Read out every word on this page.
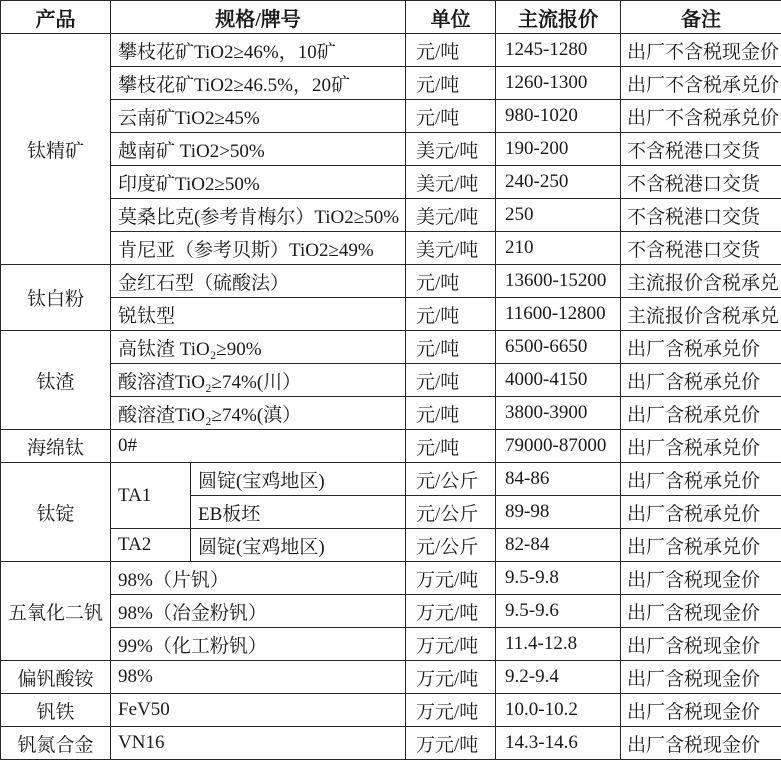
产品	规格/牌号		单位	主流报价	备注
钛精矿	攀枝花矿TiO2≥46%，10矿		元/吨	1245-1280	出厂不含税现金价
	攀枝花矿TiO2≥46.5%，20矿		元/吨	1260-1300	出厂不含税承兑价
	云南矿TiO2≥45%		元/吨	980-1020	出厂不含税承兑价
	越南矿 TiO2>50%		美元/吨	190-200	不含税港口交货
	印度矿TiO2≥50%		美元/吨	240-250	不含税港口交货
	莫桑比克(参考肯梅尔）TiO2≥50%		美元/吨	250	不含税港口交货
	肯尼亚（参考贝斯）TiO2≥49%		美元/吨	210	不含税港口交货
钛白粉	金红石型（硫酸法）		元/吨	13600-15200	主流报价含税承兑
	锐钛型		元/吨	11600-12800	主流报价含税承兑
钛渣	高钛渣 TiO₂≥90%		元/吨	6500-6650	出厂含税承兑价
	酸溶渣TiO₂≥74%(川）		元/吨	4000-4150	出厂含税承兑价
	酸溶渣TiO₂≥74%(滇）		元/吨	3800-3900	出厂含税承兑价
海绵钛	0#		元/吨	79000-87000	出厂含税承兑价
钛锭	TA1	圆锭(宝鸡地区)	元/公斤	84-86	出厂含税承兑价
		EB板坯	元/公斤	89-98	出厂含税承兑价
	TA2	圆锭(宝鸡地区)	元/公斤	82-84	出厂含税承兑价
五氧化二钒	98%（片钒）		万元/吨	9.5-9.8	出厂含税现金价
	98%（冶金粉钒）		万元/吨	9.5-9.6	出厂含税现金价
	99%（化工粉钒）		万元/吨	11.4-12.8	出厂含税现金价
偏钒酸铵	98%		万元/吨	9.2-9.4	出厂含税现金价
钒铁	FeV50		万元/吨	10.0-10.2	出厂含税现金价
钒氮合金	VN16		万元/吨	14.3-14.6	出厂含税现金价
